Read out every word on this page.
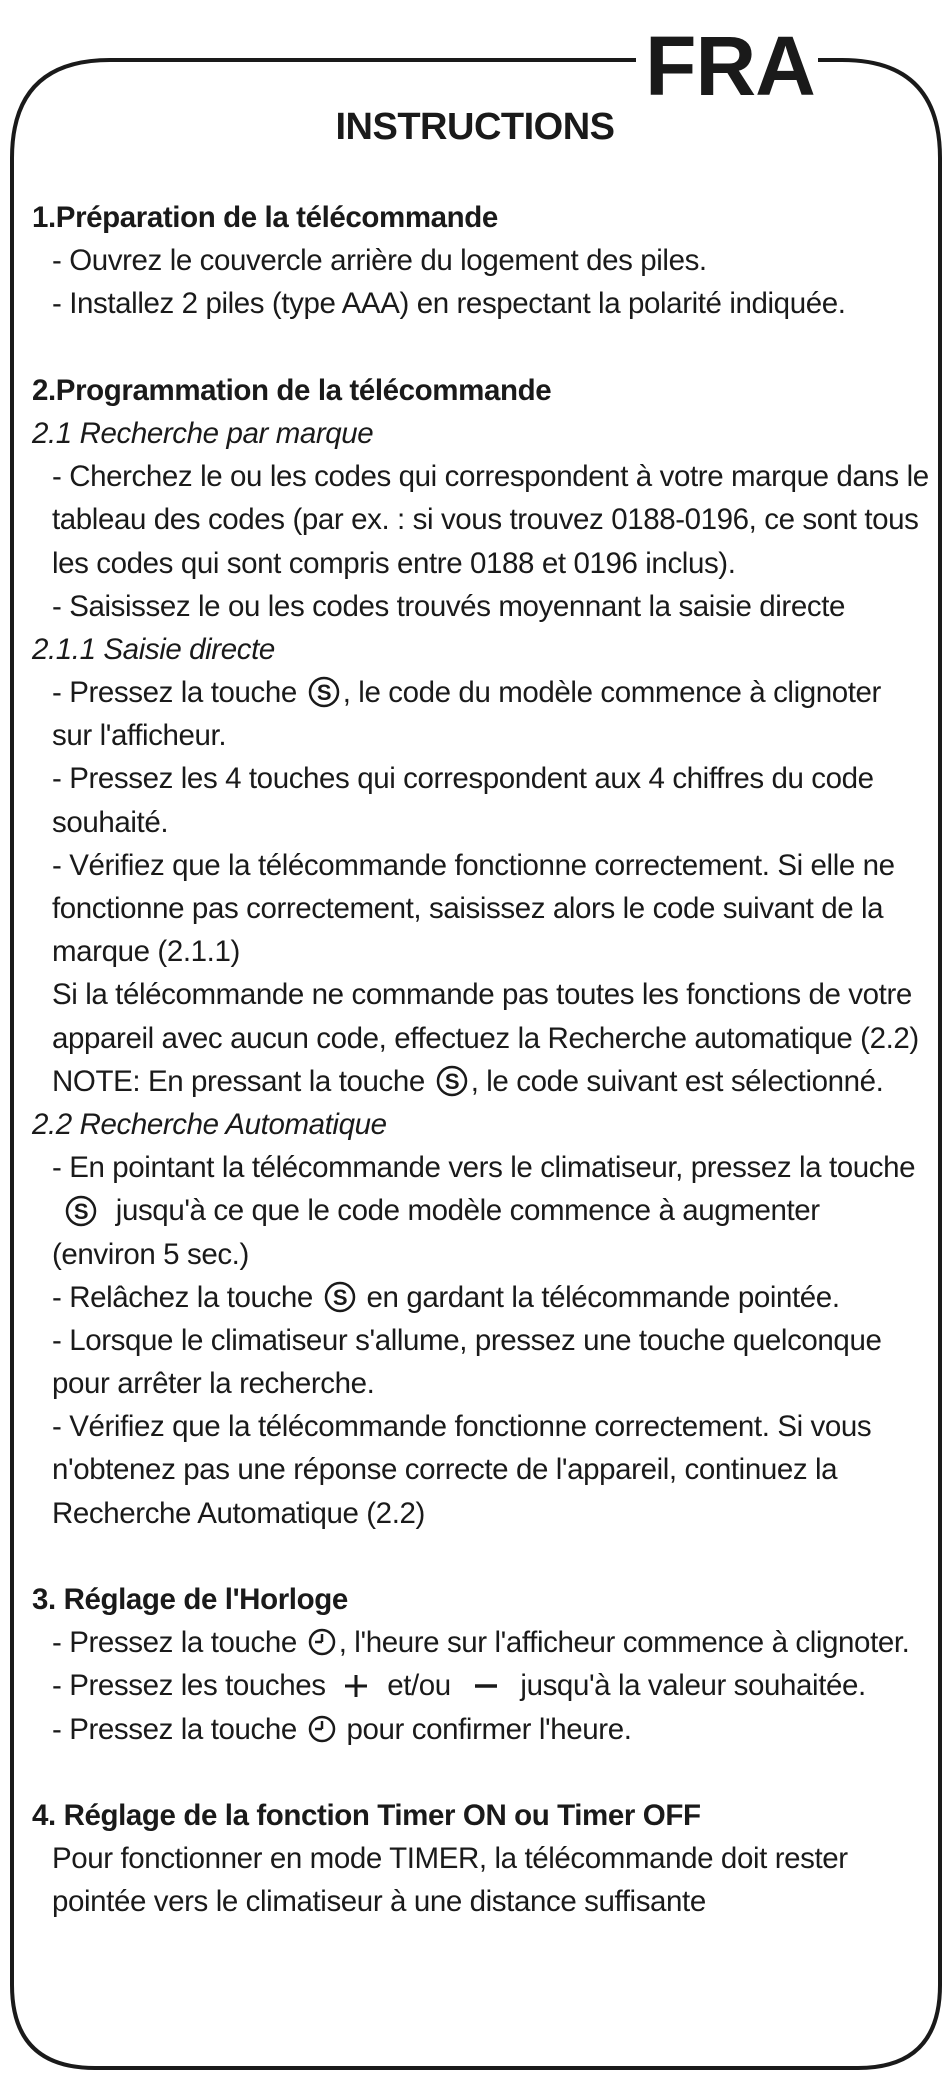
FRA
INSTRUCTIONS
1.Préparation de la télécommande
- Ouvrez le couvercle arrière du logement des piles.
- Installez 2 piles (type AAA) en respectant la polarité indiquée.
2.Programmation de la télécommande
2.1 Recherche par marque
- Cherchez le ou les codes qui correspondent à votre marque dans le
tableau des codes (par ex. : si vous trouvez 0188-0196, ce sont tous
les codes qui sont compris entre 0188 et 0196 inclus).
- Saisissez le ou les codes trouvés moyennant la saisie directe
2.1.1 Saisie directe
- Pressez la touche S , le code du modèle commence à clignoter
sur l'afficheur.
- Pressez les 4 touches qui correspondent aux 4 chiffres du code
souhaité.
- Vérifiez que la télécommande fonctionne correctement. Si elle ne
fonctionne pas correctement, saisissez alors le code suivant de la
marque (2.1.1)
Si la télécommande ne commande pas toutes les fonctions de votre
appareil avec aucun code, effectuez la Recherche automatique (2.2)
NOTE: En pressant la touche S , le code suivant est sélectionné.
2.2 Recherche Automatique
- En pointant la télécommande vers le climatiseur, pressez la touche
S jusqu'à ce que le code modèle commence à augmenter
(environ 5 sec.)
- Relâchez la touche S en gardant la télécommande pointée.
- Lorsque le climatiseur s'allume, pressez une touche quelconque
pour arrêter la recherche.
- Vérifiez que la télécommande fonctionne correctement. Si vous
n'obtenez pas une réponse correcte de l'appareil, continuez la
Recherche Automatique (2.2)
3. Réglage de l'Horloge
- Pressez la touche , l'heure sur l'afficheur commence à clignoter.
- Pressez les touches et/ou jusqu'à la valeur souhaitée.
- Pressez la touche pour confirmer l'heure.
4. Réglage de la fonction Timer ON ou Timer OFF
Pour fonctionner en mode TIMER, la télécommande doit rester
pointée vers le climatiseur à une distance suffisante
